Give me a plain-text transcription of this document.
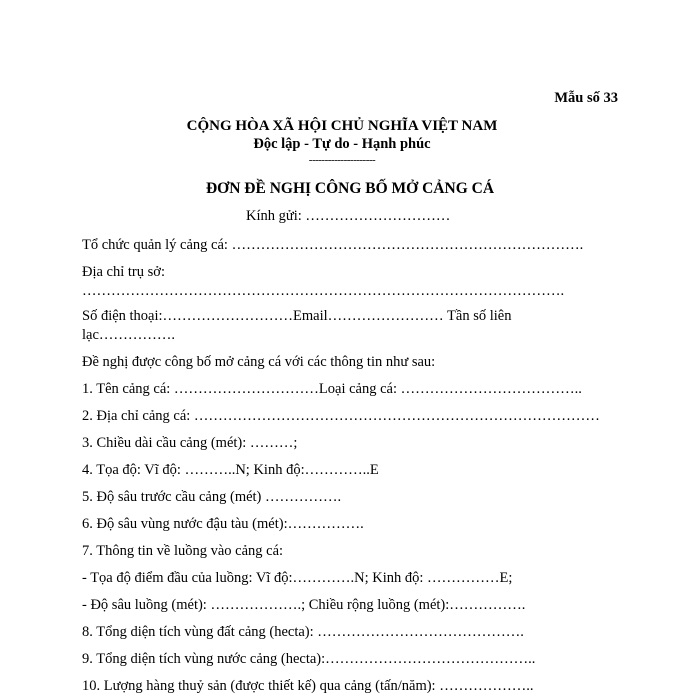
Mẫu số 33
CỘNG HÒA XÃ HỘI CHỦ NGHĨA VIỆT NAM
Độc lập - Tự do - Hạnh phúc
---------------------
ĐƠN ĐỀ NGHỊ CÔNG BỐ MỞ CẢNG CÁ
Kính gửi: …………………………
Tổ chức quản lý cảng cá: ……………………………………………………………….
Địa chỉ trụ sở:
……………………………………………………………………………………….
Số điện thoại:………………………Email…………………… Tần số liên
lạc…………….
Đề nghị được công bố mở cảng cá với các thông tin như sau:
1. Tên cảng cá: …………………………Loại cảng cá: ………………………………..
2. Địa chỉ cảng cá: …………………………………………………………………………
3. Chiều dài cầu cảng (mét): ………;
4. Tọa độ: Vĩ độ: ………..N; Kinh độ:…………..E
5. Độ sâu trước cầu cảng (mét) …………….
6. Độ sâu vùng nước đậu tàu (mét):…………….
7. Thông tin về luồng vào cảng cá:
- Tọa độ điểm đầu của luồng: Vĩ độ:………….N; Kinh độ: ……………E;
- Độ sâu luồng (mét): ……………….; Chiều rộng luồng (mét):…………….
8. Tổng diện tích vùng đất cảng (hecta): …………………………………….
9. Tổng diện tích vùng nước cảng (hecta):……………………………………..
10. Lượng hàng thuỷ sản (được thiết kế) qua cảng (tấn/năm): ………………..
